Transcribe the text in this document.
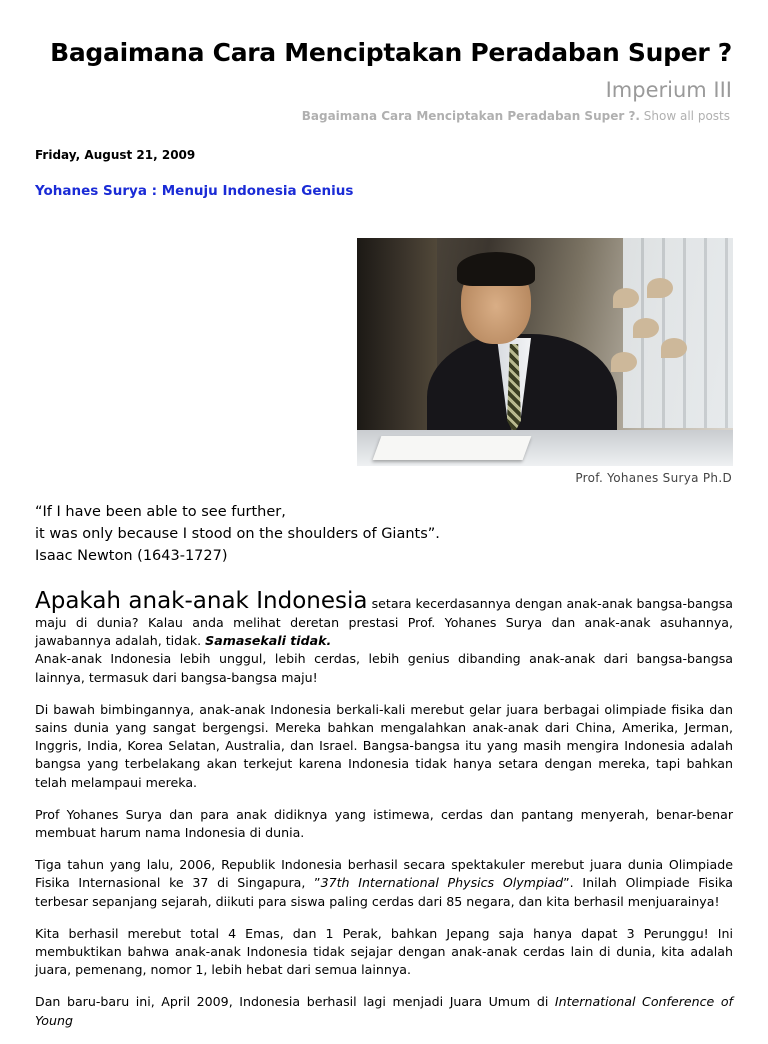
Bagaimana Cara Menciptakan Peradaban Super ?
Imperium III
Bagaimana Cara Menciptakan Peradaban Super ?. Show all posts
Friday, August 21, 2009
Yohanes Surya : Menuju Indonesia Genius
Prof. Yohanes Surya Ph.D
“If I have been able to see further,
it was only because I stood on the shoulders of Giants”.
Isaac Newton (1643-1727)

Apakah anak-anak Indonesia setara kecerdasannya dengan anak-anak bangsa-bangsa maju di dunia? Kalau anda melihat deretan prestasi Prof. Yohanes Surya dan anak-anak asuhannya, jawabannya adalah, tidak. Samasekali tidak.
Anak-anak Indonesia lebih unggul, lebih cerdas, lebih genius dibanding anak-anak dari bangsa-bangsa lainnya, termasuk dari bangsa-bangsa maju!

Di bawah bimbingannya, anak-anak Indonesia berkali-kali merebut gelar juara berbagai olimpiade fisika dan sains dunia yang sangat bergengsi. Mereka bahkan mengalahkan anak-anak dari China, Amerika, Jerman, Inggris, India, Korea Selatan, Australia, dan Israel. Bangsa-bangsa itu yang masih mengira Indonesia adalah bangsa yang terbelakang akan terkejut karena Indonesia tidak hanya setara dengan mereka, tapi bahkan telah melampaui mereka.

Prof Yohanes Surya dan para anak didiknya yang istimewa, cerdas dan pantang menyerah, benar-benar membuat harum nama Indonesia di dunia.

Tiga tahun yang lalu, 2006, Republik Indonesia berhasil secara spektakuler merebut juara dunia Olimpiade Fisika Internasional ke 37 di Singapura, ”37th International Physics Olympiad”. Inilah Olimpiade Fisika terbesar sepanjang sejarah, diikuti para siswa paling cerdas dari 85 negara, dan kita berhasil menjuarainya!

Kita berhasil merebut total 4 Emas, dan 1 Perak, bahkan Jepang saja hanya dapat 3 Perunggu! Ini membuktikan bahwa anak-anak Indonesia tidak sejajar dengan anak-anak cerdas lain di dunia, kita adalah juara, pemenang, nomor 1, lebih hebat dari semua lainnya.

Dan baru-baru ini, April 2009, Indonesia berhasil lagi menjadi Juara Umum di International Conference of Young
